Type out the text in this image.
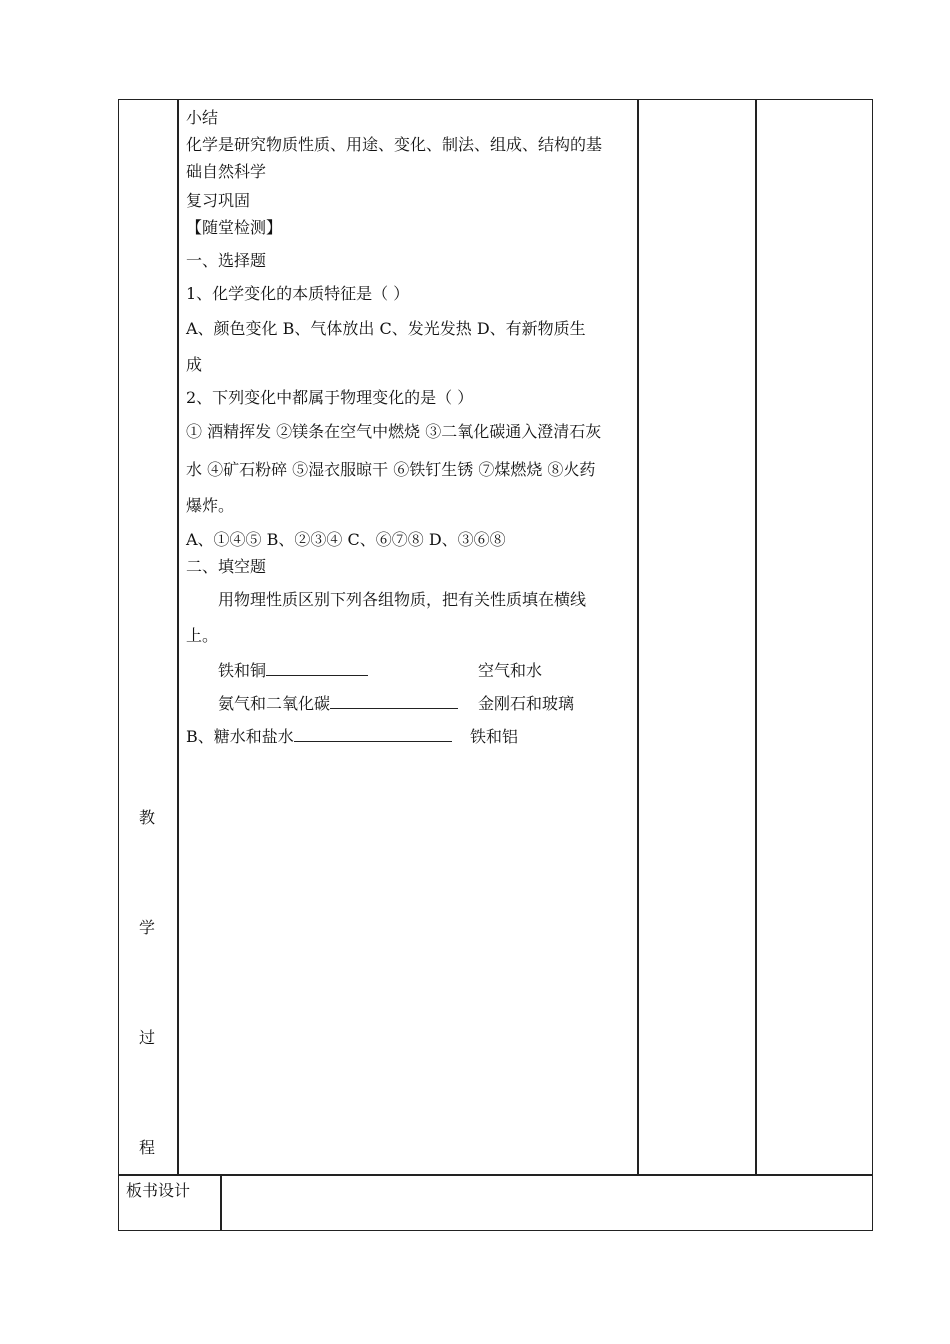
教
学
过
程
小结
化学是研究物质性质、用途、变化、制法、组成、结构的基
础自然科学
复习巩固
【随堂检测】
一、选择题
1、化学变化的本质特征是（ ）
A、颜色变化 B、气体放出 C、发光发热 D、有新物质生
成
2、下列变化中都属于物理变化的是（ ）
① 酒精挥发 ②镁条在空气中燃烧 ③二氧化碳通入澄清石灰
水 ④矿石粉碎 ⑤湿衣服晾干 ⑥铁钉生锈 ⑦煤燃烧 ⑧火药
爆炸。
A、①④⑤ B、②③④ C、⑥⑦⑧ D、③⑥⑧
二、填空题
用物理性质区别下列各组物质，把有关性质填在横线
上。
铁和铜	空气和水
氨气和二氧化碳	金刚石和玻璃
B、糖水和盐水	铁和铝
板书设计
